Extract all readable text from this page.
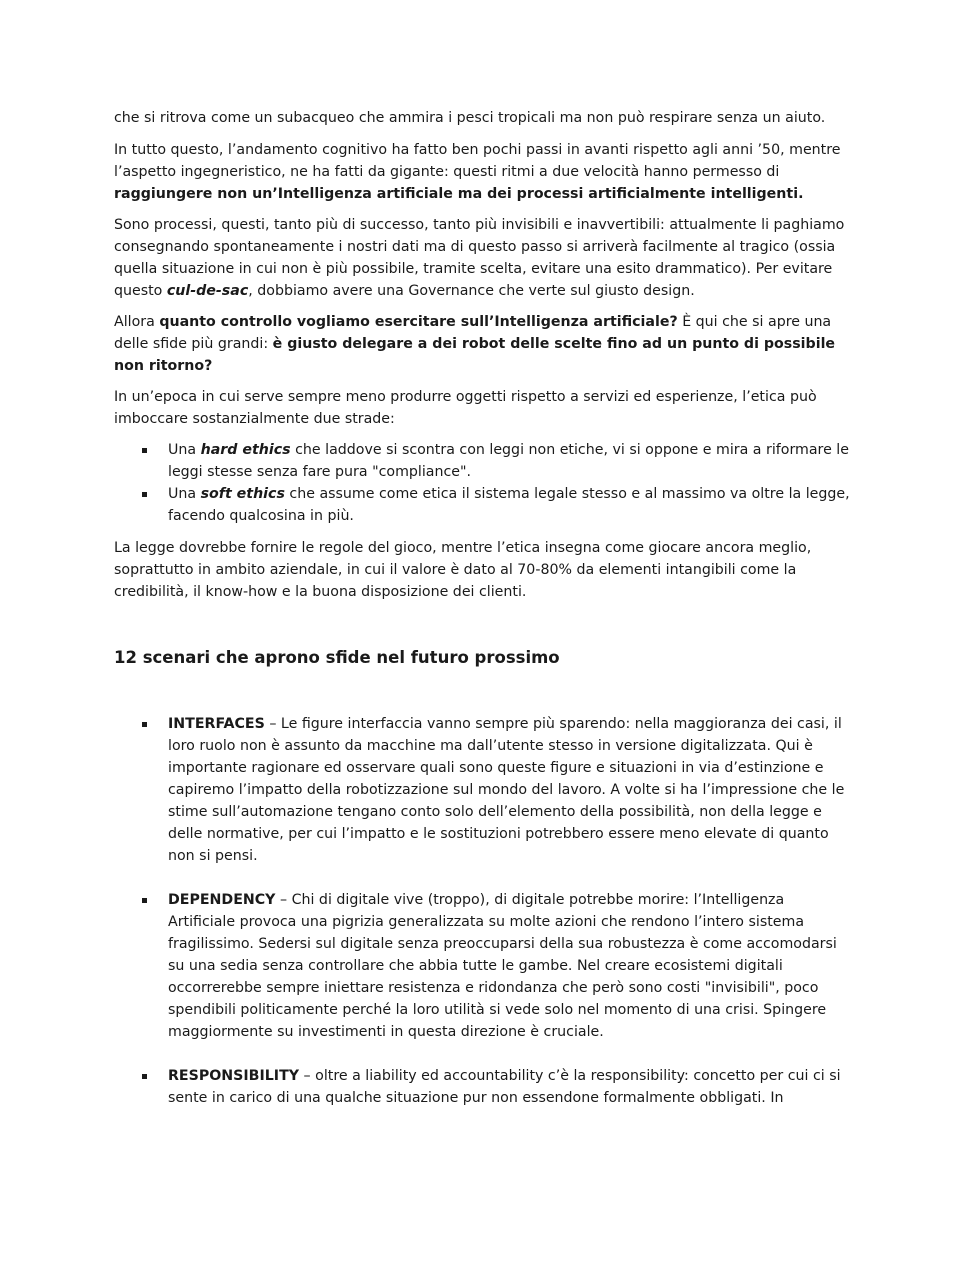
che si ritrova come un subacqueo che ammira i pesci tropicali ma non può respirare senza un aiuto.

In tutto questo, l’andamento cognitivo ha fatto ben pochi passi in avanti rispetto agli anni ’50, mentre l’aspetto ingegneristico, ne ha fatti da gigante: questi ritmi a due velocità hanno permesso di raggiungere non un’Intelligenza artificiale ma dei processi artificialmente intelligenti.

Sono processi, questi, tanto più di successo, tanto più invisibili e inavvertibili: attualmente li paghiamo consegnando spontaneamente i nostri dati ma di questo passo si arriverà facilmente al tragico (ossia quella situazione in cui non è più possibile, tramite scelta, evitare una esito drammatico). Per evitare questo cul-de-sac, dobbiamo avere una Governance che verte sul giusto design.

Allora quanto controllo vogliamo esercitare sull’Intelligenza artificiale? È qui che si apre una delle sfide più grandi: è giusto delegare a dei robot delle scelte fino ad un punto di possibile non ritorno?

In un’epoca in cui serve sempre meno produrre oggetti rispetto a servizi ed esperienze, l’etica può imboccare sostanzialmente due strade:

Una hard ethics che laddove si scontra con leggi non etiche, vi si oppone e mira a riformare le leggi stesse senza fare pura "compliance".
Una soft ethics che assume come etica il sistema legale stesso e al massimo va oltre la legge, facendo qualcosina in più.

La legge dovrebbe fornire le regole del gioco, mentre l’etica insegna come giocare ancora meglio, soprattutto in ambito aziendale, in cui il valore è dato al 70-80% da elementi intangibili come la credibilità, il know-how e la buona disposizione dei clienti.

12 scenari che aprono sfide nel futuro prossimo
INTERFACES – Le figure interfaccia vanno sempre più sparendo: nella maggioranza dei casi, il loro ruolo non è assunto da macchine ma dall’utente stesso in versione digitalizzata. Qui è importante ragionare ed osservare quali sono queste figure e situazioni in via d’estinzione e capiremo l’impatto della robotizzazione sul mondo del lavoro. A volte si ha l’impressione che le stime sull’automazione tengano conto solo dell’elemento della possibilità, non della legge e delle normative, per cui l’impatto e le sostituzioni potrebbero essere meno elevate di quanto non si pensi.
DEPENDENCY – Chi di digitale vive (troppo), di digitale potrebbe morire: l’Intelligenza Artificiale provoca una pigrizia generalizzata su molte azioni che rendono l’intero sistema fragilissimo. Sedersi sul digitale senza preoccuparsi della sua robustezza è come accomodarsi su una sedia senza controllare che abbia tutte le gambe. Nel creare ecosistemi digitali occorrerebbe sempre iniettare resistenza e ridondanza che però sono costi "invisibili", poco spendibili politicamente perché la loro utilità si vede solo nel momento di una crisi. Spingere maggiormente su investimenti in questa direzione è cruciale.
RESPONSIBILITY – oltre a liability ed accountability c’è la responsibility: concetto per cui ci si sente in carico di una qualche situazione pur non essendone formalmente obbligati. In
